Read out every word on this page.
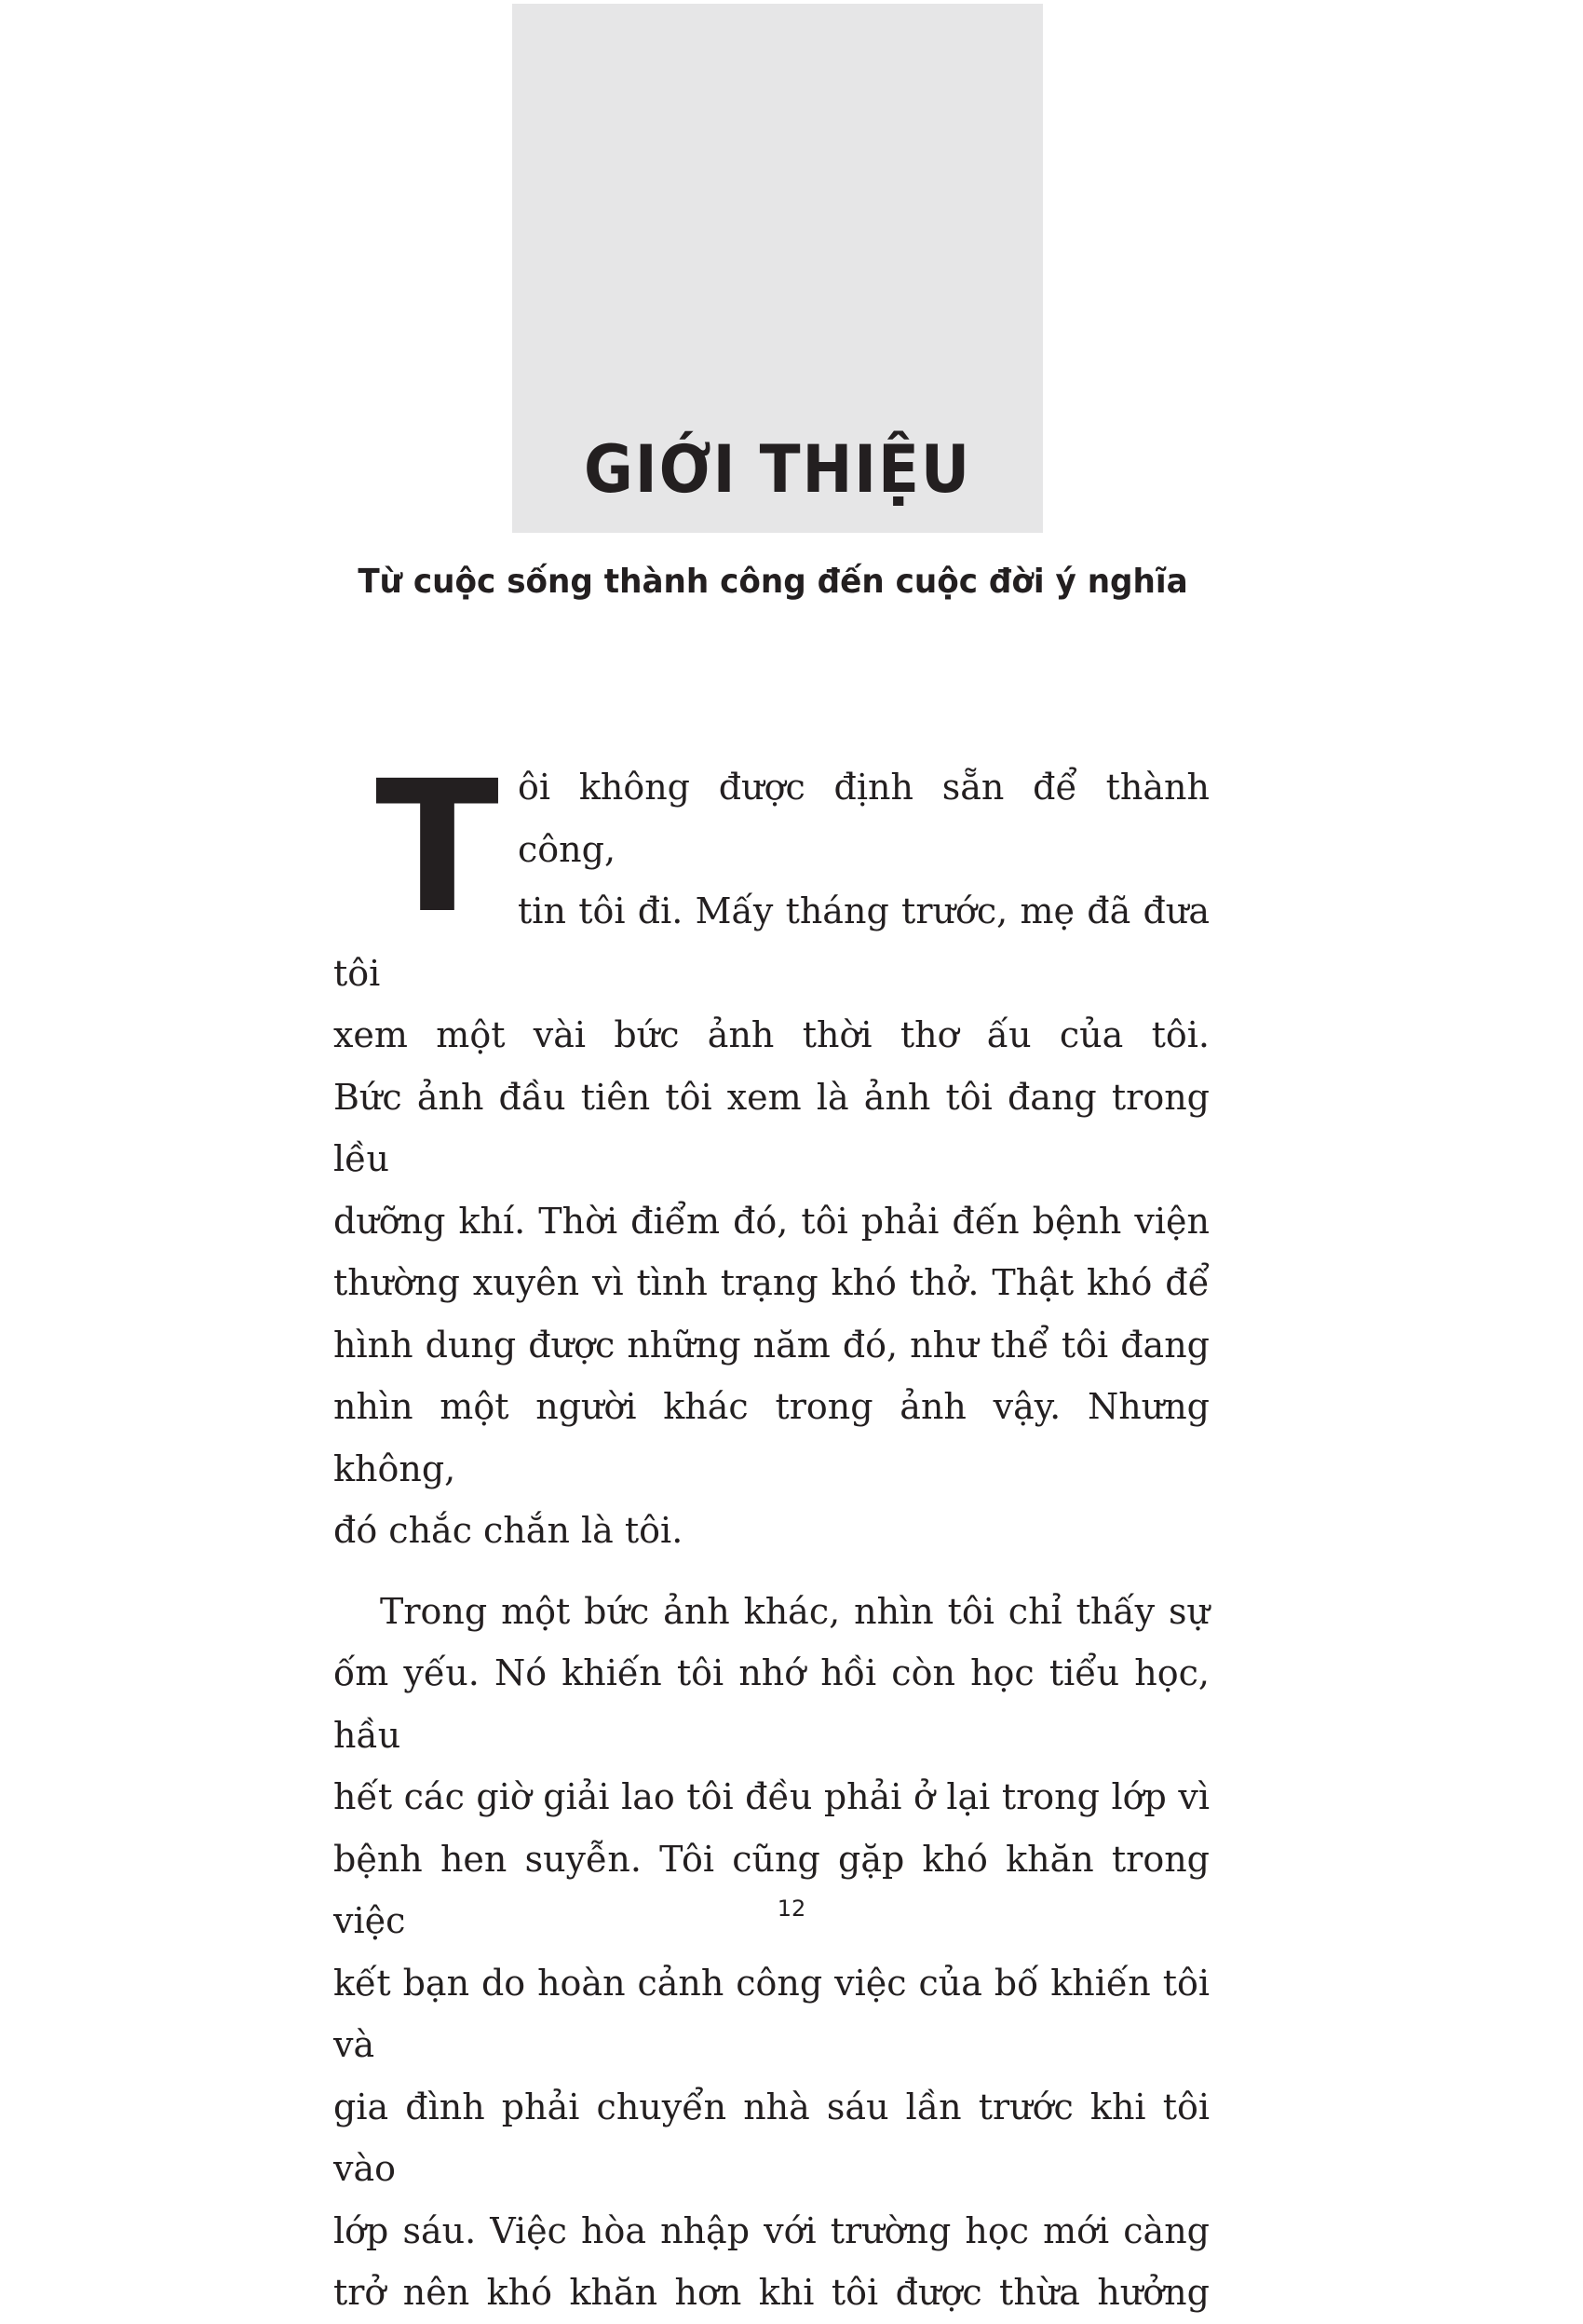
GIỚI THIỆU
Từ cuộc sống thành công đến cuộc đời ý nghĩa
T ôi không được định sẵn để thành công,
tin tôi đi. Mấy tháng trước, mẹ đã đưa tôi
xem một vài bức ảnh thời thơ ấu của tôi.
Bức ảnh đầu tiên tôi xem là ảnh tôi đang trong lều
dưỡng khí. Thời điểm đó, tôi phải đến bệnh viện
thường xuyên vì tình trạng khó thở. Thật khó để
hình dung được những năm đó, như thể tôi đang
nhìn một người khác trong ảnh vậy. Nhưng không,
đó chắc chắn là tôi.

Trong một bức ảnh khác, nhìn tôi chỉ thấy sự
ốm yếu. Nó khiến tôi nhớ hồi còn học tiểu học, hầu
hết các giờ giải lao tôi đều phải ở lại trong lớp vì
bệnh hen suyễn. Tôi cũng gặp khó khăn trong việc
kết bạn do hoàn cảnh công việc của bố khiến tôi và
gia đình phải chuyển nhà sáu lần trước khi tôi vào
lớp sáu. Việc hòa nhập với trường học mới càng
trở nên khó khăn hơn khi tôi được thừa hưởng

12
